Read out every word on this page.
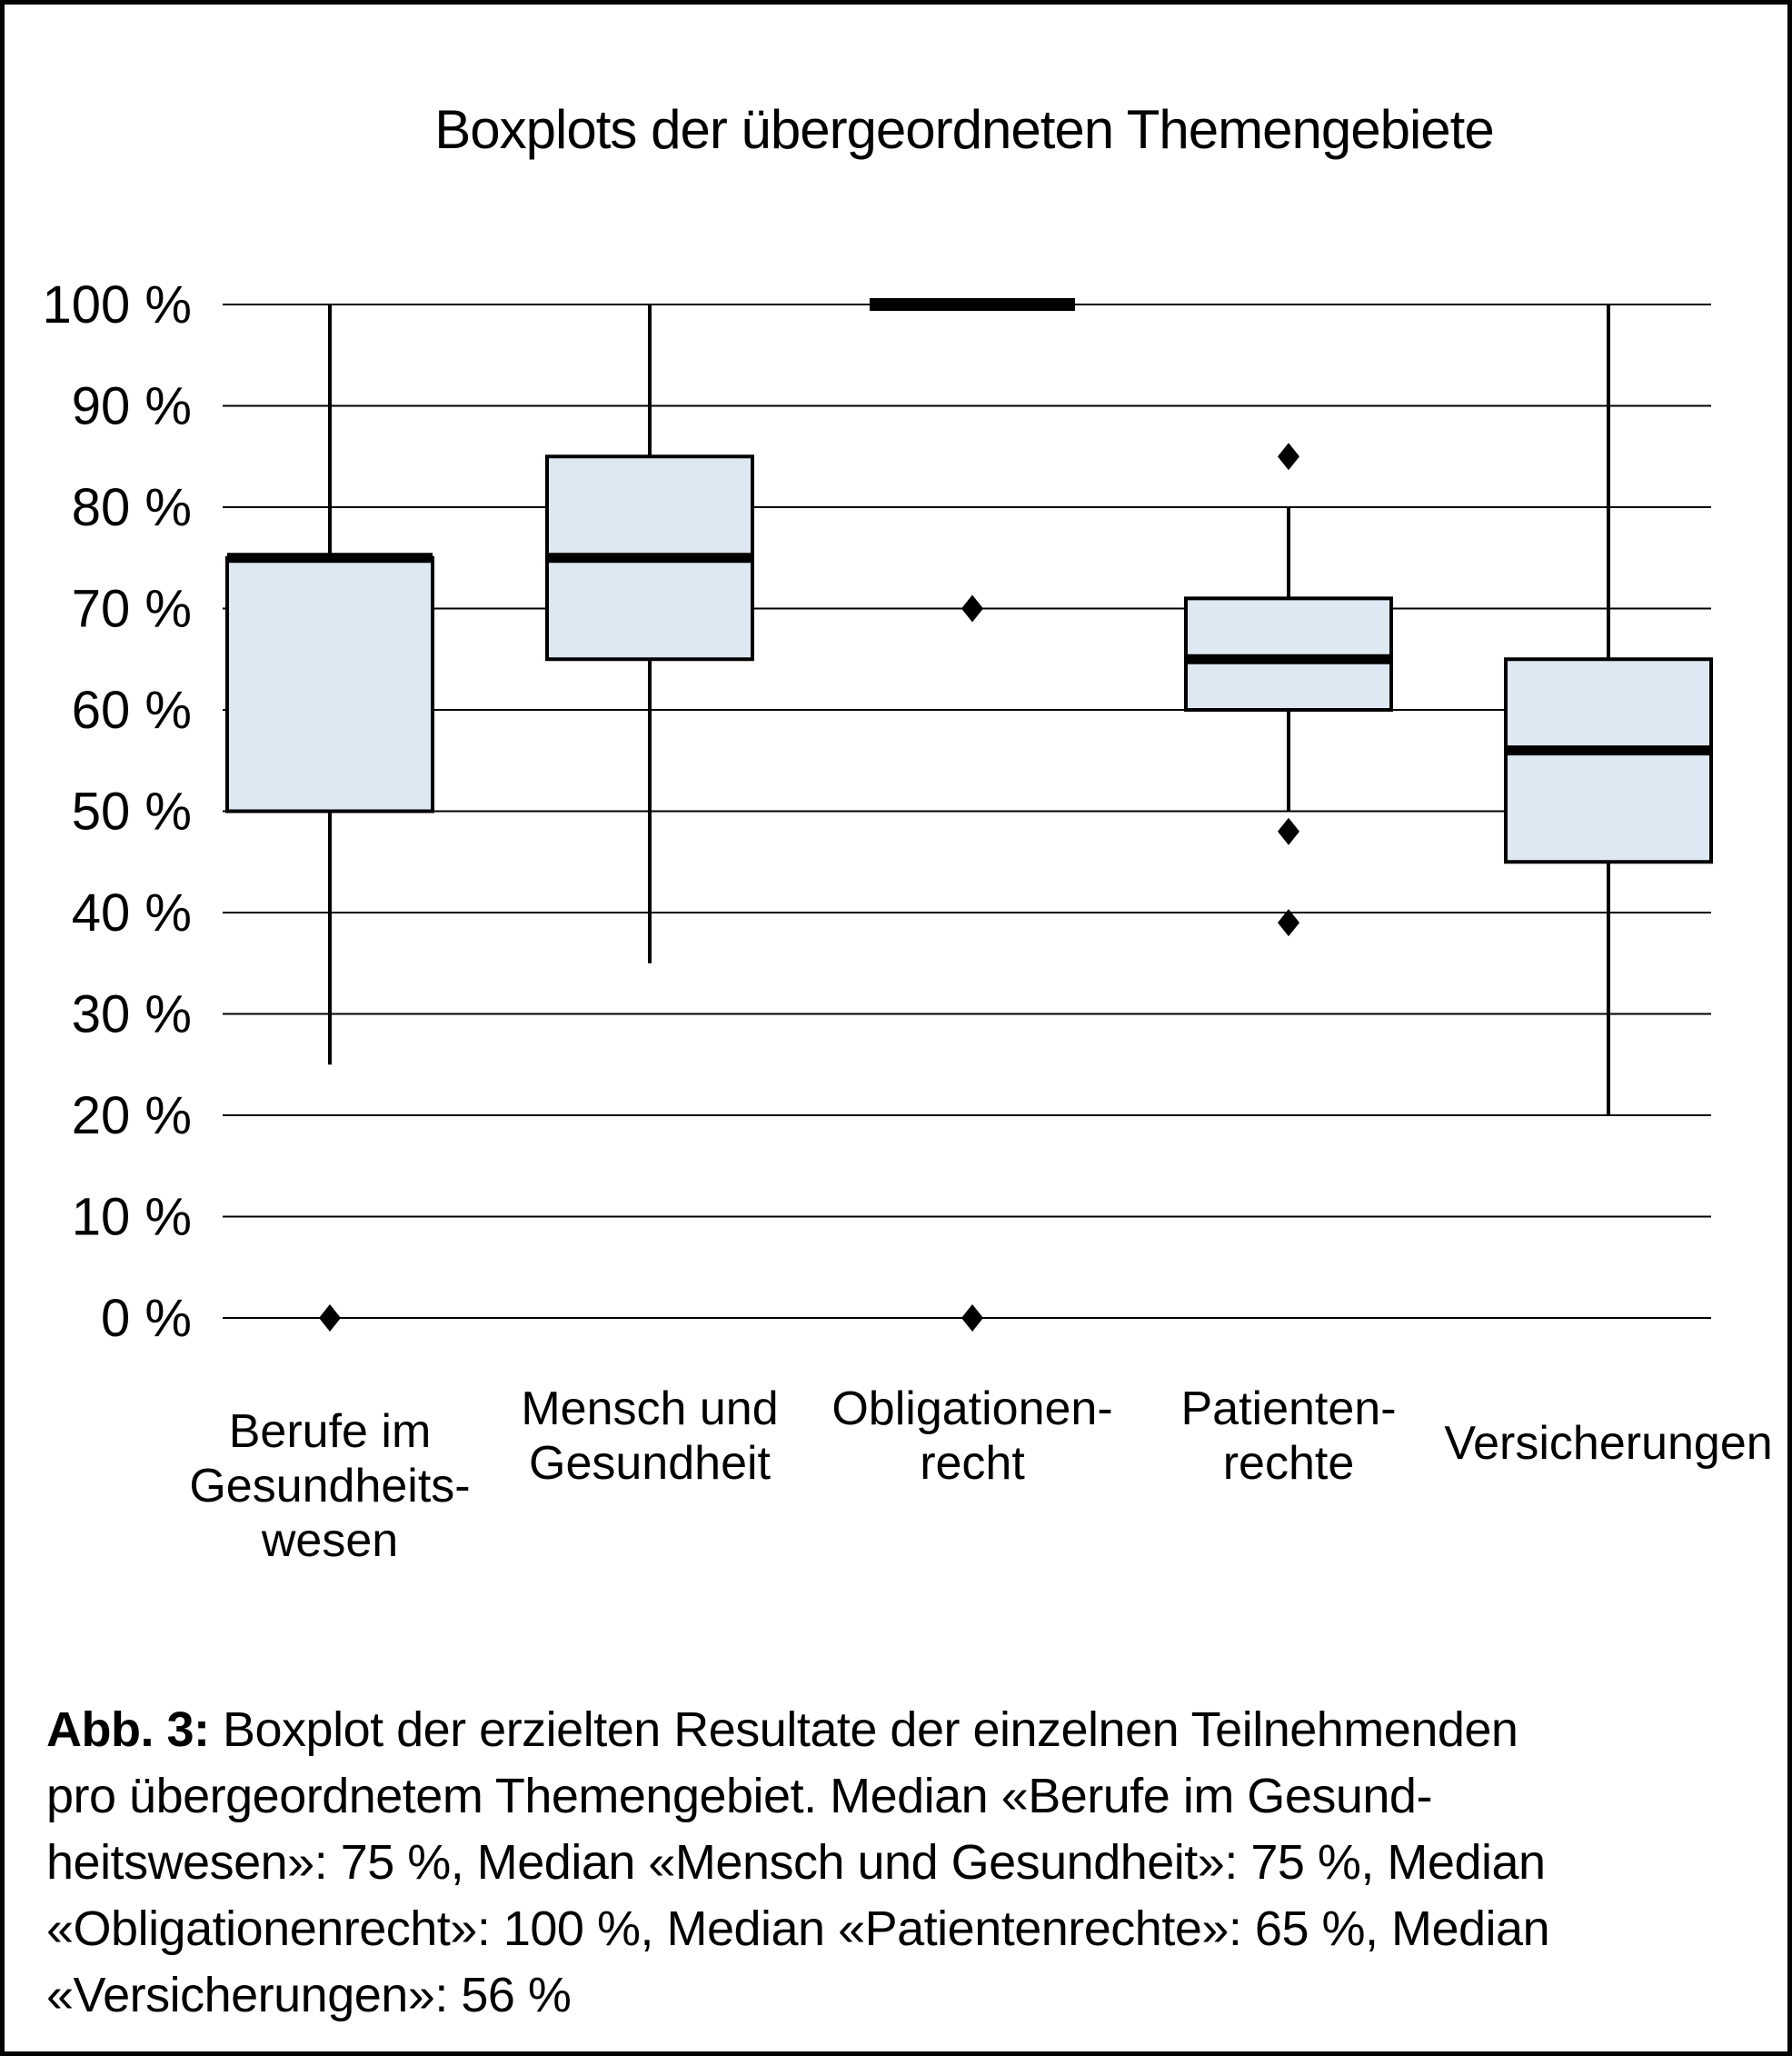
Boxplots der übergeordneten Themengebiete
100 %
90 %
80 %
70 %
60 %
50 %
40 %
30 %
20 %
10 %
0 %
Berufe im Gesundheits-wesen
Mensch und Gesundheit
Obligationen-recht
Patienten-rechte	Versicherungen

Abb. 3: Boxplot der erzielten Resultate der einzelnen Teilnehmenden
pro übergeordnetem Themengebiet. Median «Berufe im Gesund-
heitswesen»: 75 %, Median «Mensch und Gesundheit»: 75 %, Median
«Obligationenrecht»: 100 %, Median «Patientenrechte»: 65 %, Median
«Versicherungen»: 56 %
